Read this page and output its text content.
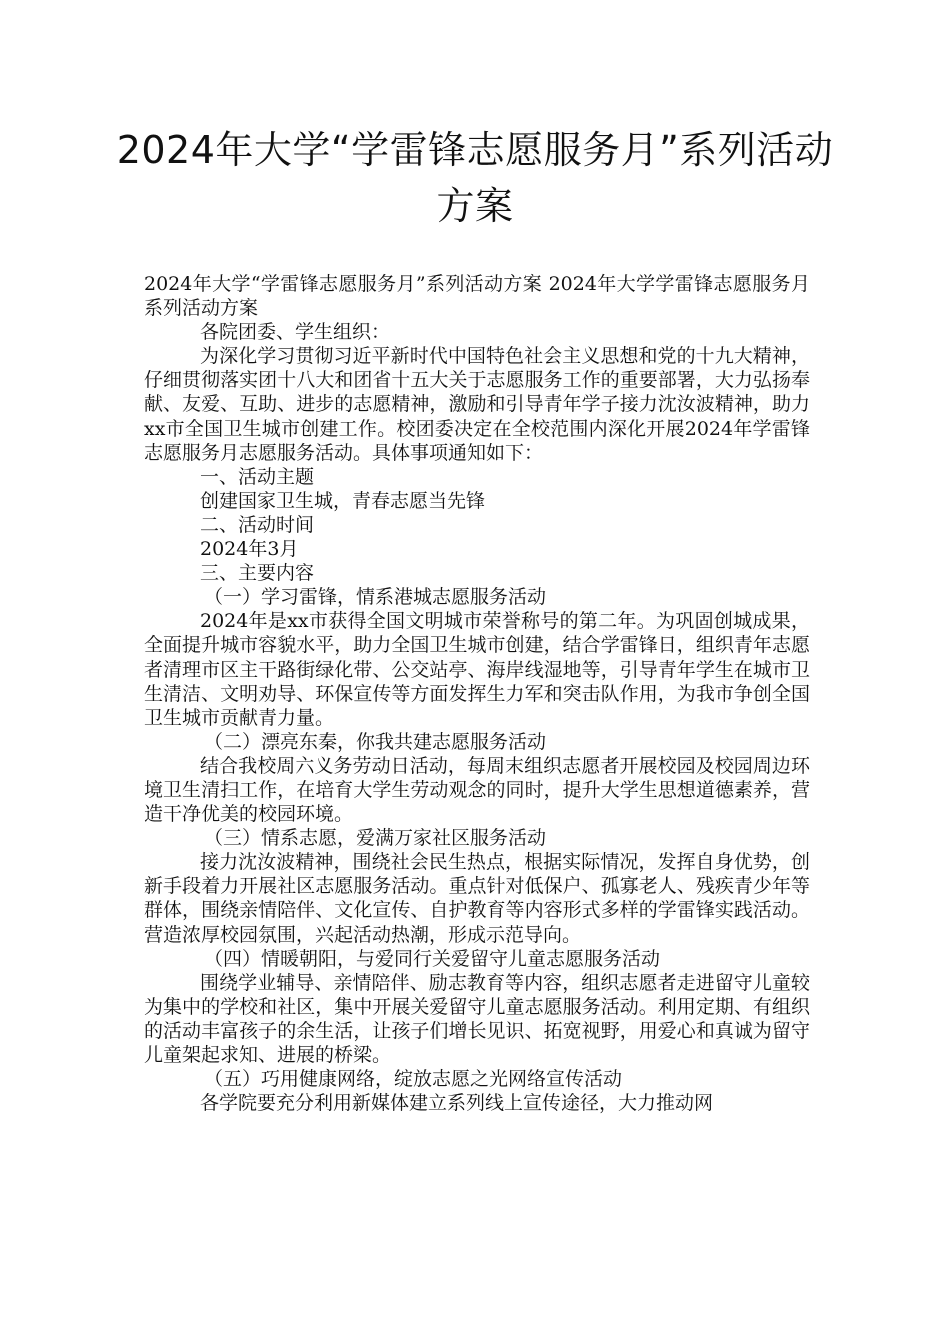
2024年大学“学雷锋志愿服务月”系列活动方案

2024年大学“学雷锋志愿服务月”系列活动方案 2024年大学学雷锋志愿服务月系列活动方案

各院团委、学生组织：

为深化学习贯彻习近平新时代中国特色社会主义思想和党的十九大精神，仔细贯彻落实团十八大和团省十五大关于志愿服务工作的重要部署，大力弘扬奉献、友爱、互助、进步的志愿精神，激励和引导青年学子接力沈汝波精神，助力xx市全国卫生城市创建工作。校团委决定在全校范围内深化开展2024年学雷锋志愿服务月志愿服务活动。具体事项通知如下：

一、活动主题

创建国家卫生城，青春志愿当先锋

二、活动时间

2024年3月

三、主要内容

（一）学习雷锋，情系港城志愿服务活动

2024年是xx市获得全国文明城市荣誉称号的第二年。为巩固创城成果，全面提升城市容貌水平，助力全国卫生城市创建，结合学雷锋日，组织青年志愿者清理市区主干路街绿化带、公交站亭、海岸线湿地等，引导青年学生在城市卫生清洁、文明劝导、环保宣传等方面发挥生力军和突击队作用，为我市争创全国卫生城市贡献青力量。

（二）漂亮东秦，你我共建志愿服务活动

结合我校周六义务劳动日活动，每周末组织志愿者开展校园及校园周边环境卫生清扫工作，在培育大学生劳动观念的同时，提升大学生思想道德素养，营造干净优美的校园环境。

（三）情系志愿，爱满万家社区服务活动

接力沈汝波精神，围绕社会民生热点，根据实际情况，发挥自身优势，创新手段着力开展社区志愿服务活动。重点针对低保户、孤寡老人、残疾青少年等群体，围绕亲情陪伴、文化宣传、自护教育等内容形式多样的学雷锋实践活动。营造浓厚校园氛围，兴起活动热潮，形成示范导向。

（四）情暖朝阳，与爱同行关爱留守儿童志愿服务活动

围绕学业辅导、亲情陪伴、励志教育等内容，组织志愿者走进留守儿童较为集中的学校和社区，集中开展关爱留守儿童志愿服务活动。利用定期、有组织的活动丰富孩子的余生活，让孩子们增长见识、拓宽视野，用爱心和真诚为留守儿童架起求知、进展的桥梁。

（五）巧用健康网络，绽放志愿之光网络宣传活动

各学院要充分利用新媒体建立系列线上宣传途径，大力推动网
